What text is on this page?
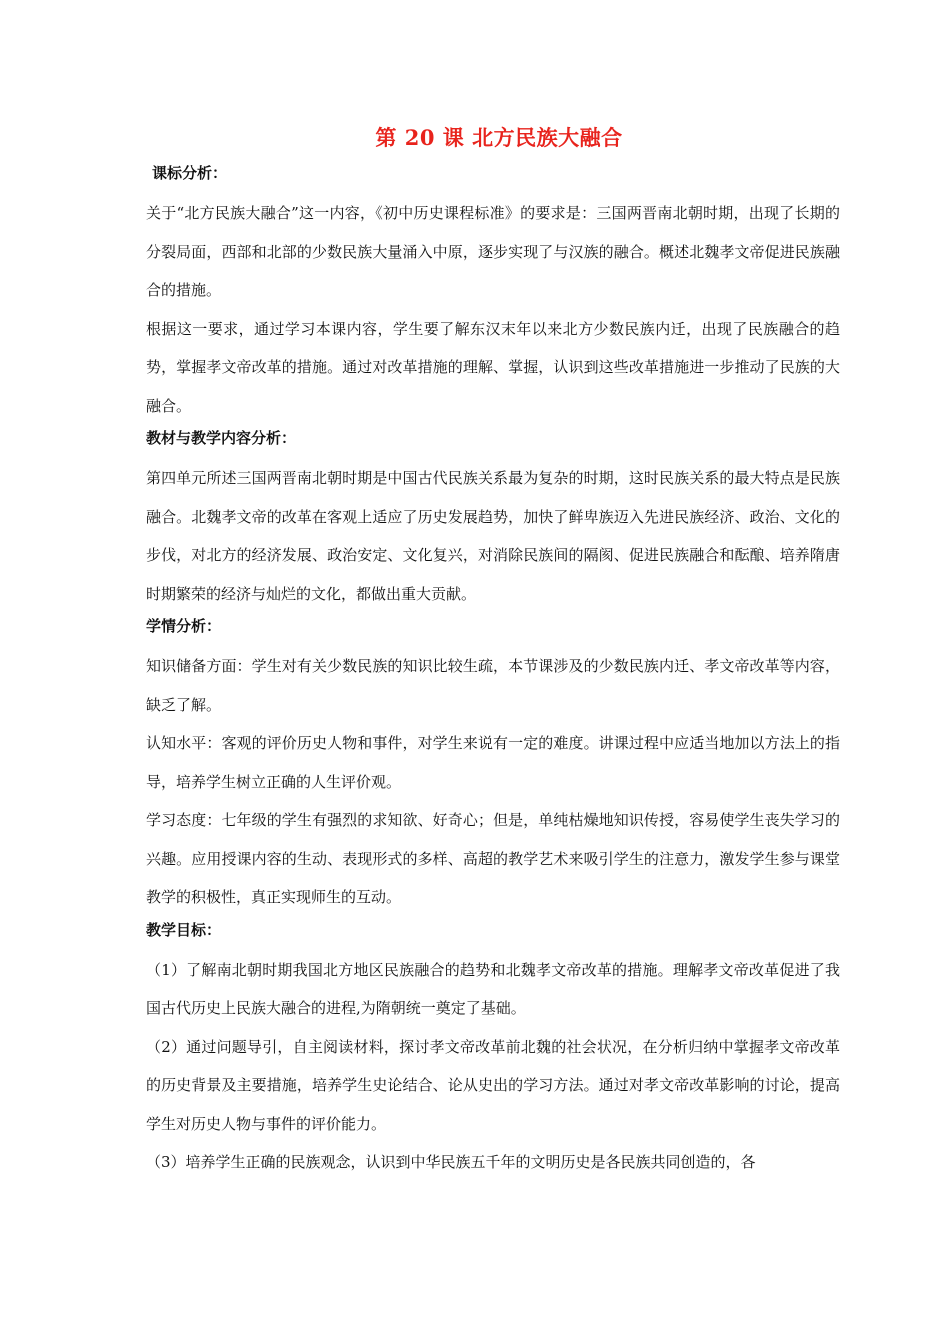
第 20 课 北方民族大融合
课标分析：

关于“北方民族大融合”这一内容，《初中历史课程标准》的要求是：三国两晋南北朝时期，出现了长期的分裂局面，西部和北部的少数民族大量涌入中原，逐步实现了与汉族的融合。概述北魏孝文帝促进民族融合的措施。

根据这一要求，通过学习本课内容，学生要了解东汉末年以来北方少数民族内迁，出现了民族融合的趋势，掌握孝文帝改革的措施。通过对改革措施的理解、掌握，认识到这些改革措施进一步推动了民族的大融合。

教材与教学内容分析：

第四单元所述三国两晋南北朝时期是中国古代民族关系最为复杂的时期，这时民族关系的最大特点是民族融合。北魏孝文帝的改革在客观上适应了历史发展趋势，加快了鲜卑族迈入先进民族经济、政治、文化的步伐，对北方的经济发展、政治安定、文化复兴，对消除民族间的隔阂、促进民族融合和酝酿、培养隋唐时期繁荣的经济与灿烂的文化，都做出重大贡献。

学情分析：

知识储备方面：学生对有关少数民族的知识比较生疏，本节课涉及的少数民族内迁、孝文帝改革等内容，缺乏了解。

认知水平：客观的评价历史人物和事件，对学生来说有一定的难度。讲课过程中应适当地加以方法上的指导，培养学生树立正确的人生评价观。

学习态度：七年级的学生有强烈的求知欲、好奇心；但是，单纯枯燥地知识传授，容易使学生丧失学习的兴趣。应用授课内容的生动、表现形式的多样、高超的教学艺术来吸引学生的注意力，激发学生参与课堂教学的积极性，真正实现师生的互动。

教学目标：

（1）了解南北朝时期我国北方地区民族融合的趋势和北魏孝文帝改革的措施。理解孝文帝改革促进了我国古代历史上民族大融合的进程,为隋朝统一奠定了基础。

（2）通过问题导引，自主阅读材料，探讨孝文帝改革前北魏的社会状况，在分析归纳中掌握孝文帝改革的历史背景及主要措施，培养学生史论结合、论从史出的学习方法。通过对孝文帝改革影响的讨论，提高学生对历史人物与事件的评价能力。

（3）培养学生正确的民族观念，认识到中华民族五千年的文明历史是各民族共同创造的，各
